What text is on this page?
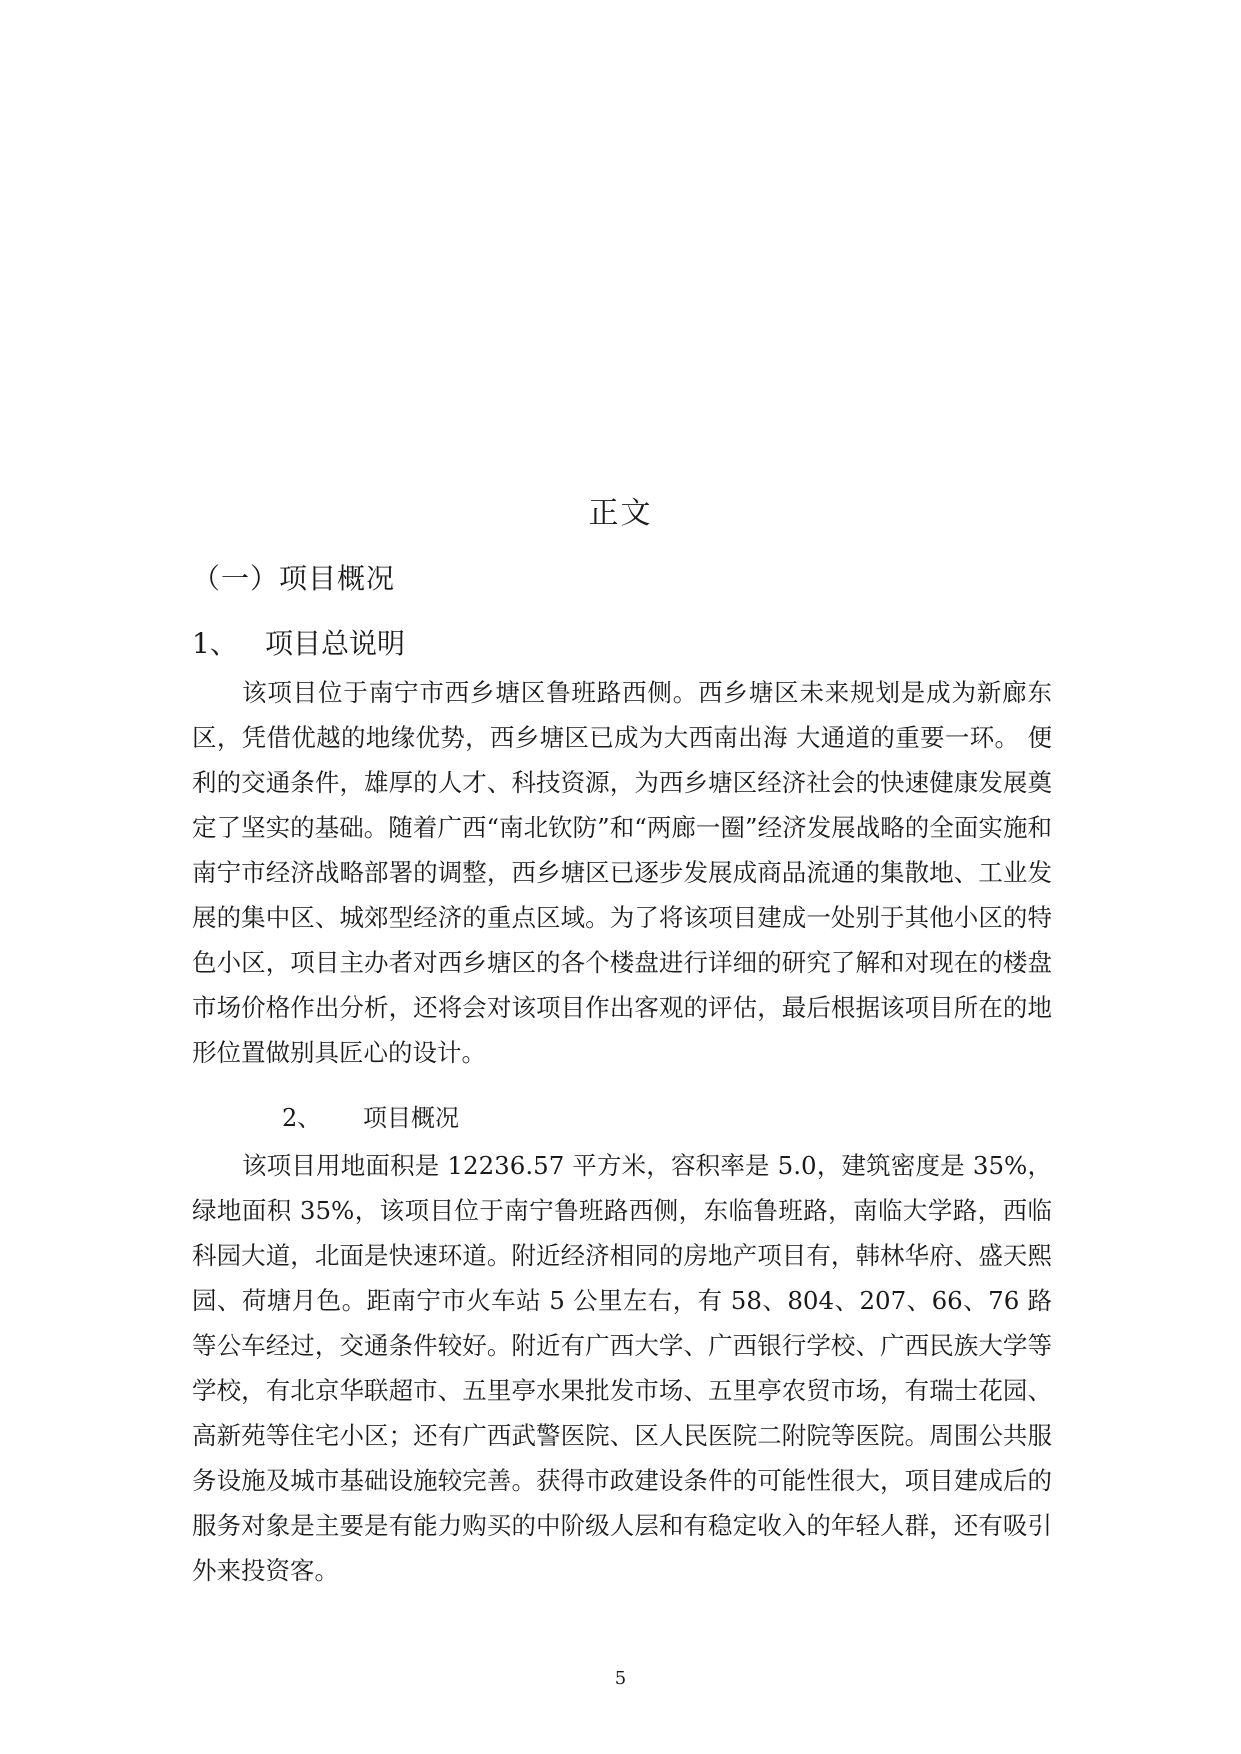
正文
（一）项目概况
1、 项目总说明

该项目位于南宁市西乡塘区鲁班路西侧。西乡塘区未来规划是成为新廊东区，凭借优越的地缘优势，西乡塘区已成为大西南出海 大通道的重要一环。 便利的交通条件，雄厚的人才、科技资源，为西乡塘区经济社会的快速健康发展奠定了坚实的基础。随着广西“南北钦防”和“两廊一圈”经济发展战略的全面实施和南宁市经济战略部署的调整，西乡塘区已逐步发展成商品流通的集散地、工业发展的集中区、城郊型经济的重点区域。为了将该项目建成一处别于其他小区的特色小区，项目主办者对西乡塘区的各个楼盘进行详细的研究了解和对现在的楼盘市场价格作出分析，还将会对该项目作出客观的评估，最后根据该项目所在的地形位置做别具匠心的设计。

2、 项目概况

该项目用地面积是 12236.57 平方米，容积率是 5.0，建筑密度是 35%，绿地面积 35%，该项目位于南宁鲁班路西侧，东临鲁班路，南临大学路，西临科园大道，北面是快速环道。附近经济相同的房地产项目有，韩林华府、盛天熙园、荷塘月色。距南宁市火车站 5 公里左右，有 58、804、207、66、76 路等公车经过，交通条件较好。附近有广西大学、广西银行学校、广西民族大学等学校，有北京华联超市、五里亭水果批发市场、五里亭农贸市场，有瑞士花园、高新苑等住宅小区；还有广西武警医院、区人民医院二附院等医院。周围公共服务设施及城市基础设施较完善。获得市政建设条件的可能性很大，项目建成后的服务对象是主要是有能力购买的中阶级人层和有稳定收入的年轻人群，还有吸引外来投资客。

5
